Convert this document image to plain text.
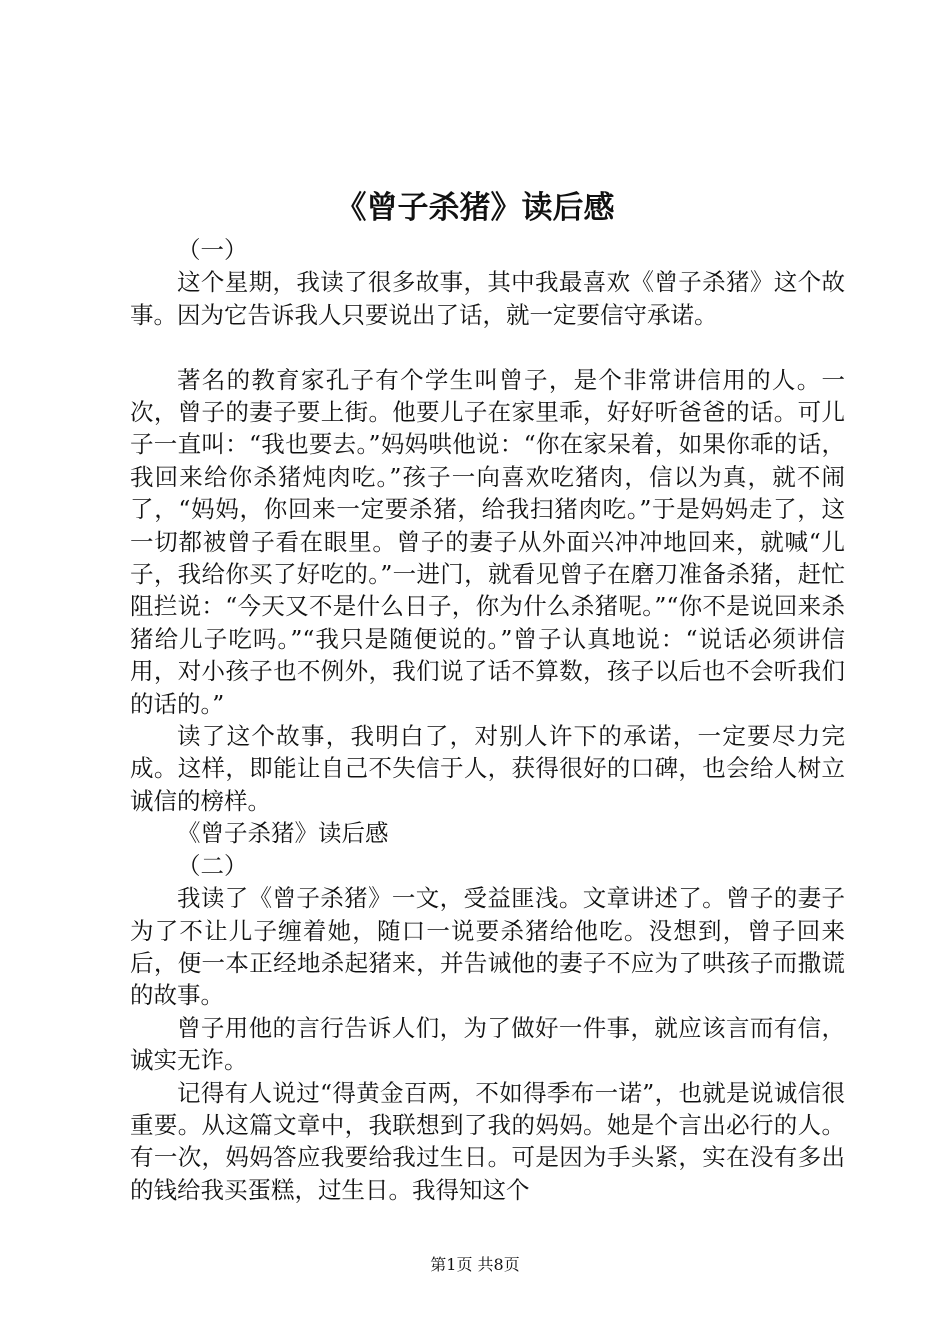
《曾子杀猪》读后感

（一）

这个星期，我读了很多故事，其中我最喜欢《曾子杀猪》这个故事。因为它告诉我人只要说出了话，就一定要信守承诺。

著名的教育家孔子有个学生叫曾子，是个非常讲信用的人。一次，曾子的妻子要上街。他要儿子在家里乖，好好听爸爸的话。可儿子一直叫：“我也要去。”妈妈哄他说：“你在家呆着，如果你乖的话，我回来给你杀猪炖肉吃。”孩子一向喜欢吃猪肉，信以为真，就不闹了，“妈妈，你回来一定要杀猪，给我扫猪肉吃。”于是妈妈走了，这一切都被曾子看在眼里。曾子的妻子从外面兴冲冲地回来，就喊“儿子，我给你买了好吃的。”一进门，就看见曾子在磨刀准备杀猪，赶忙阻拦说：“今天又不是什么日子，你为什么杀猪呢。”“你不是说回来杀猪给儿子吃吗。”“我只是随便说的。”曾子认真地说：“说话必须讲信用，对小孩子也不例外，我们说了话不算数，孩子以后也不会听我们的话的。”

读了这个故事，我明白了，对别人许下的承诺，一定要尽力完成。这样，即能让自己不失信于人，获得很好的口碑，也会给人树立诚信的榜样。

《曾子杀猪》读后感

（二）

我读了《曾子杀猪》一文，受益匪浅。文章讲述了。曾子的妻子为了不让儿子缠着她，随口一说要杀猪给他吃。没想到，曾子回来后，便一本正经地杀起猪来，并告诫他的妻子不应为了哄孩子而撒谎的故事。

曾子用他的言行告诉人们，为了做好一件事，就应该言而有信，诚实无诈。

记得有人说过“得黄金百两，不如得季布一诺”，也就是说诚信很重要。从这篇文章中，我联想到了我的妈妈。她是个言出必行的人。有一次，妈妈答应我要给我过生日。可是因为手头紧，实在没有多出的钱给我买蛋糕，过生日。我得知这个

第1页 共8页
